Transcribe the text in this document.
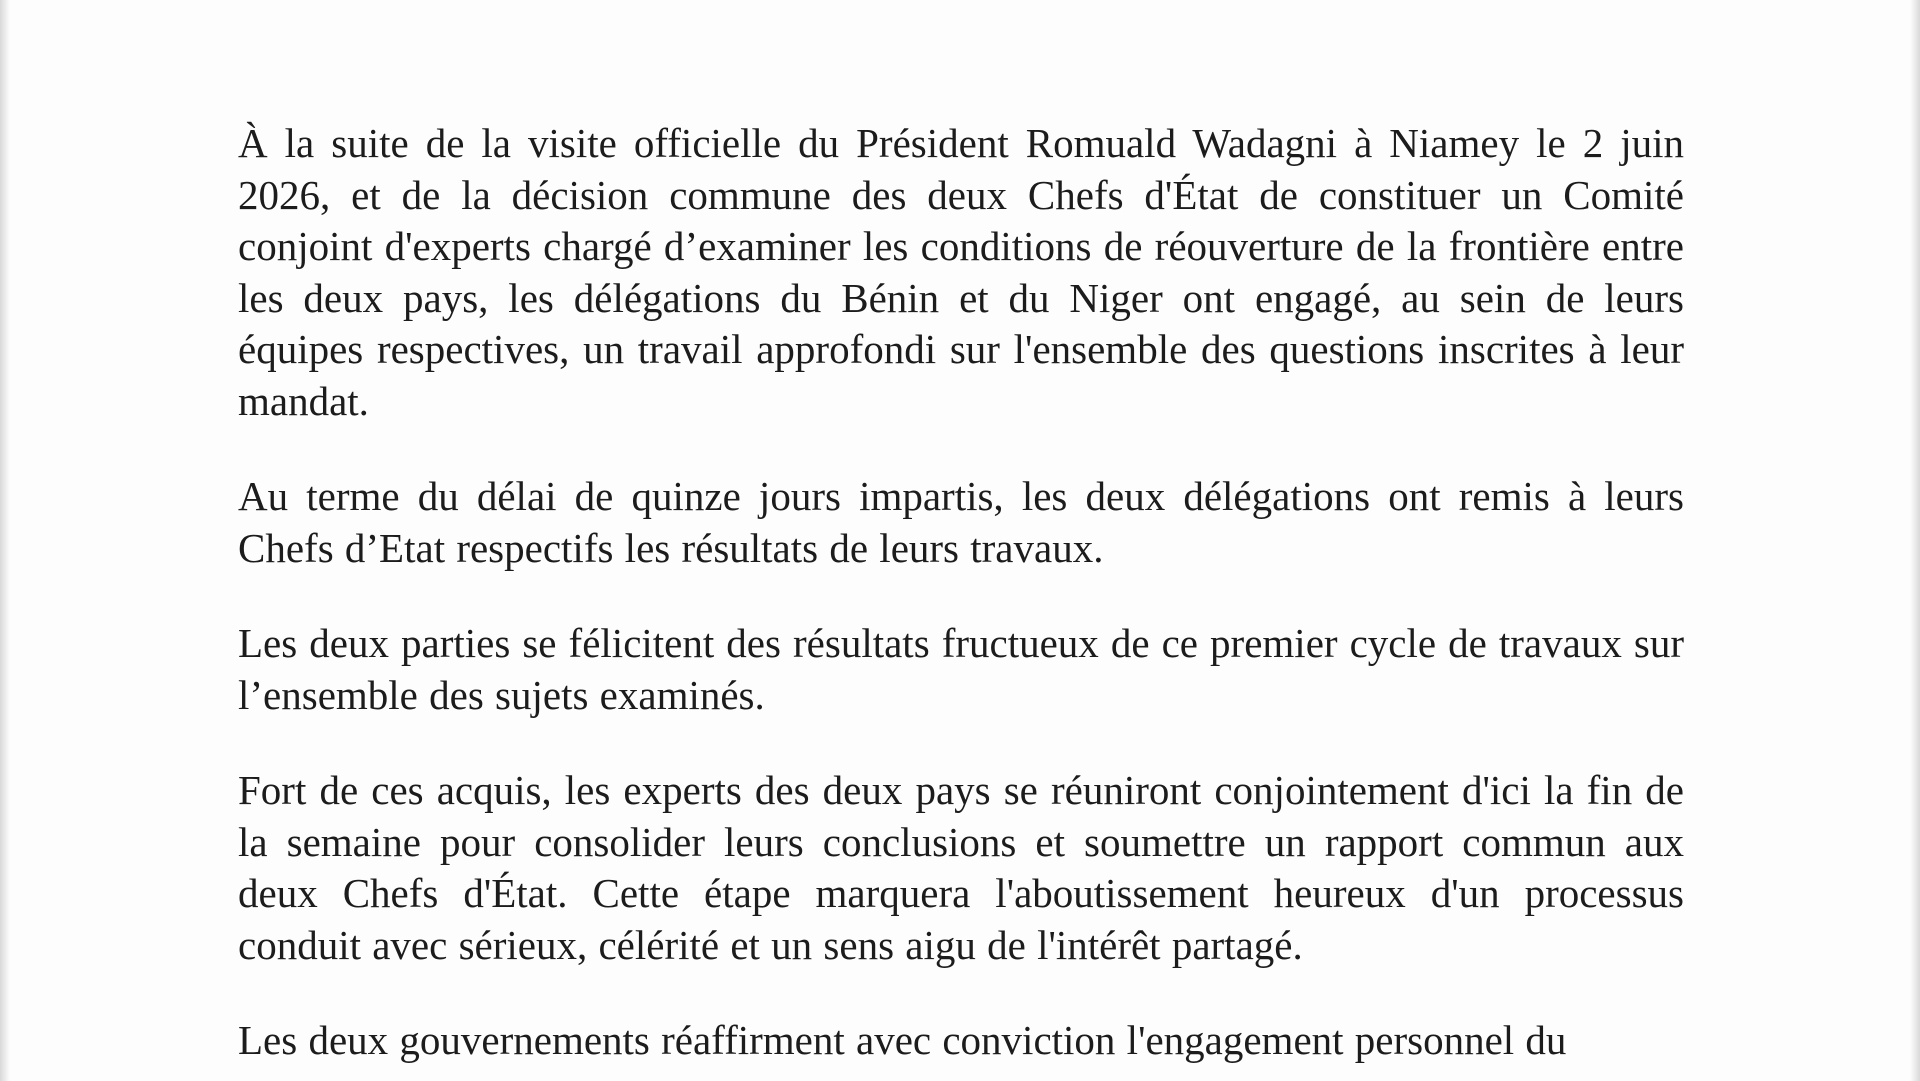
À la suite de la visite officielle du Président Romuald Wadagni à Niamey le 2 juin 2026, et de la décision commune des deux Chefs d'État de constituer un Comité conjoint d'experts chargé d’examiner les conditions de réouverture de la frontière entre les deux pays, les délégations du Bénin et du Niger ont engagé, au sein de leurs équipes respectives, un travail approfondi sur l'ensemble des questions inscrites à leur mandat.

Au terme du délai de quinze jours impartis, les deux délégations ont remis à leurs Chefs d’Etat respectifs les résultats de leurs travaux.

Les deux parties se félicitent des résultats fructueux de ce premier cycle de travaux sur l’ensemble des sujets examinés.

Fort de ces acquis, les experts des deux pays se réuniront conjointement d'ici la fin de la semaine pour consolider leurs conclusions et soumettre un rapport commun aux deux Chefs d'État. Cette étape marquera l'aboutissement heureux d'un processus conduit avec sérieux, célérité et un sens aigu de l'intérêt partagé.

Les deux gouvernements réaffirment avec conviction l'engagement personnel du
